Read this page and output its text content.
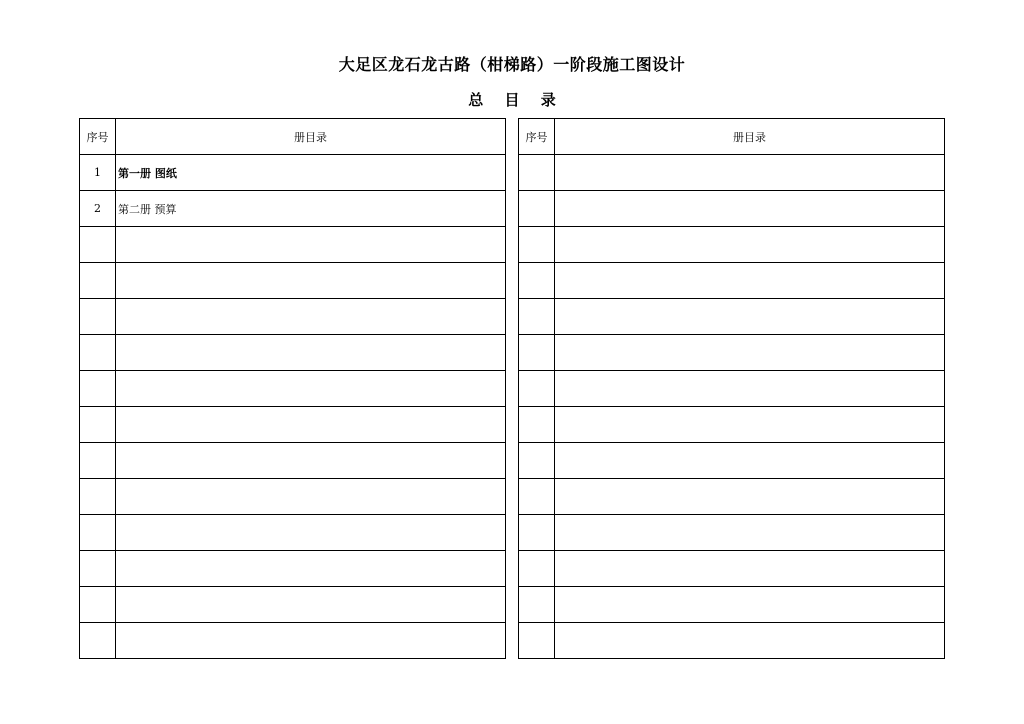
大足区龙石龙古路（柑梯路）一阶段施工图设计
总 目 录
序号	册目录
1	第一册 图纸
2	第二册 预算

序号	册目录
